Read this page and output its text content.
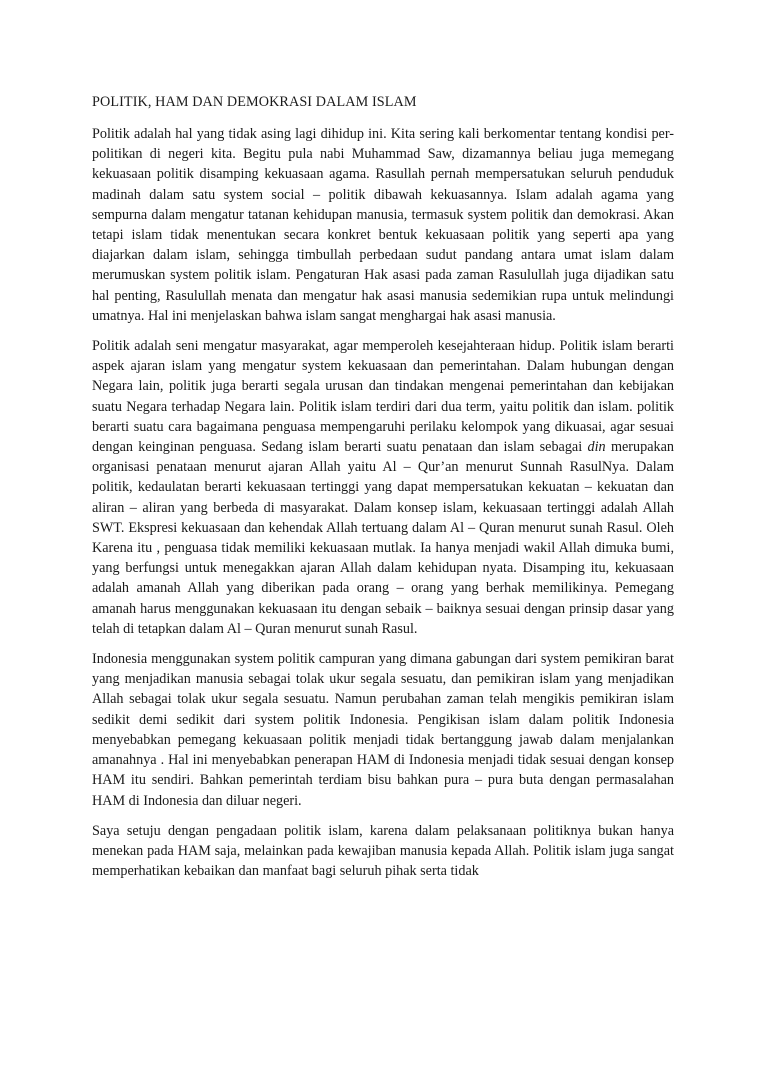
POLITIK, HAM DAN DEMOKRASI DALAM ISLAM

Politik adalah hal yang tidak asing lagi dihidup ini. Kita sering kali berkomentar tentang kondisi per-politikan di negeri kita. Begitu pula nabi Muhammad Saw, dizamannya beliau juga memegang kekuasaan politik disamping kekuasaan agama. Rasullah pernah mempersatukan seluruh penduduk madinah dalam satu system social – politik dibawah kekuasannya. Islam adalah agama yang sempurna dalam mengatur tatanan kehidupan manusia, termasuk system politik dan demokrasi. Akan tetapi islam tidak menentukan secara konkret bentuk kekuasaan politik yang seperti apa yang diajarkan dalam islam, sehingga timbullah perbedaan sudut pandang antara umat islam dalam merumuskan system politik islam. Pengaturan Hak asasi pada zaman Rasulullah juga dijadikan satu hal penting, Rasulullah menata dan mengatur hak asasi manusia sedemikian rupa untuk melindungi umatnya. Hal ini menjelaskan bahwa islam sangat menghargai hak asasi manusia.

Politik adalah seni mengatur masyarakat, agar memperoleh kesejahteraan hidup. Politik islam berarti aspek ajaran islam yang mengatur system kekuasaan dan pemerintahan. Dalam hubungan dengan Negara lain, politik juga berarti segala urusan dan tindakan mengenai pemerintahan dan kebijakan suatu Negara terhadap Negara lain. Politik islam terdiri dari dua term, yaitu politik dan islam. politik berarti suatu cara bagaimana penguasa mempengaruhi perilaku kelompok yang dikuasai, agar sesuai dengan keinginan penguasa. Sedang islam berarti suatu penataan dan islam sebagai din merupakan organisasi penataan menurut ajaran Allah yaitu Al – Qur’an menurut Sunnah RasulNya. Dalam politik, kedaulatan berarti kekuasaan tertinggi yang dapat mempersatukan kekuatan – kekuatan dan aliran – aliran yang berbeda di masyarakat. Dalam konsep islam, kekuasaan tertinggi adalah Allah SWT. Ekspresi kekuasaan dan kehendak Allah tertuang dalam Al – Quran menurut sunah Rasul. Oleh Karena itu , penguasa tidak memiliki kekuasaan mutlak. Ia hanya menjadi wakil Allah dimuka bumi, yang berfungsi untuk menegakkan ajaran Allah dalam kehidupan nyata. Disamping itu, kekuasaan adalah amanah Allah yang diberikan pada orang – orang yang berhak memilikinya. Pemegang amanah harus menggunakan kekuasaan itu dengan sebaik – baiknya sesuai dengan prinsip dasar yang telah di tetapkan dalam Al – Quran menurut sunah Rasul.

Indonesia menggunakan system politik campuran yang dimana gabungan dari system pemikiran barat yang menjadikan manusia sebagai tolak ukur segala sesuatu, dan pemikiran islam yang menjadikan Allah sebagai tolak ukur segala sesuatu. Namun perubahan zaman telah mengikis pemikiran islam sedikit demi sedikit dari system politik Indonesia. Pengikisan islam dalam politik Indonesia menyebabkan pemegang kekuasaan politik menjadi tidak bertanggung jawab dalam menjalankan amanahnya . Hal ini menyebabkan penerapan HAM di Indonesia menjadi tidak sesuai dengan konsep HAM itu sendiri. Bahkan pemerintah terdiam bisu bahkan pura – pura buta dengan permasalahan HAM di Indonesia dan diluar negeri.

Saya setuju dengan pengadaan politik islam, karena dalam pelaksanaan politiknya bukan hanya menekan pada HAM saja, melainkan pada kewajiban manusia kepada Allah. Politik islam juga sangat memperhatikan kebaikan dan manfaat bagi seluruh pihak serta tidak
